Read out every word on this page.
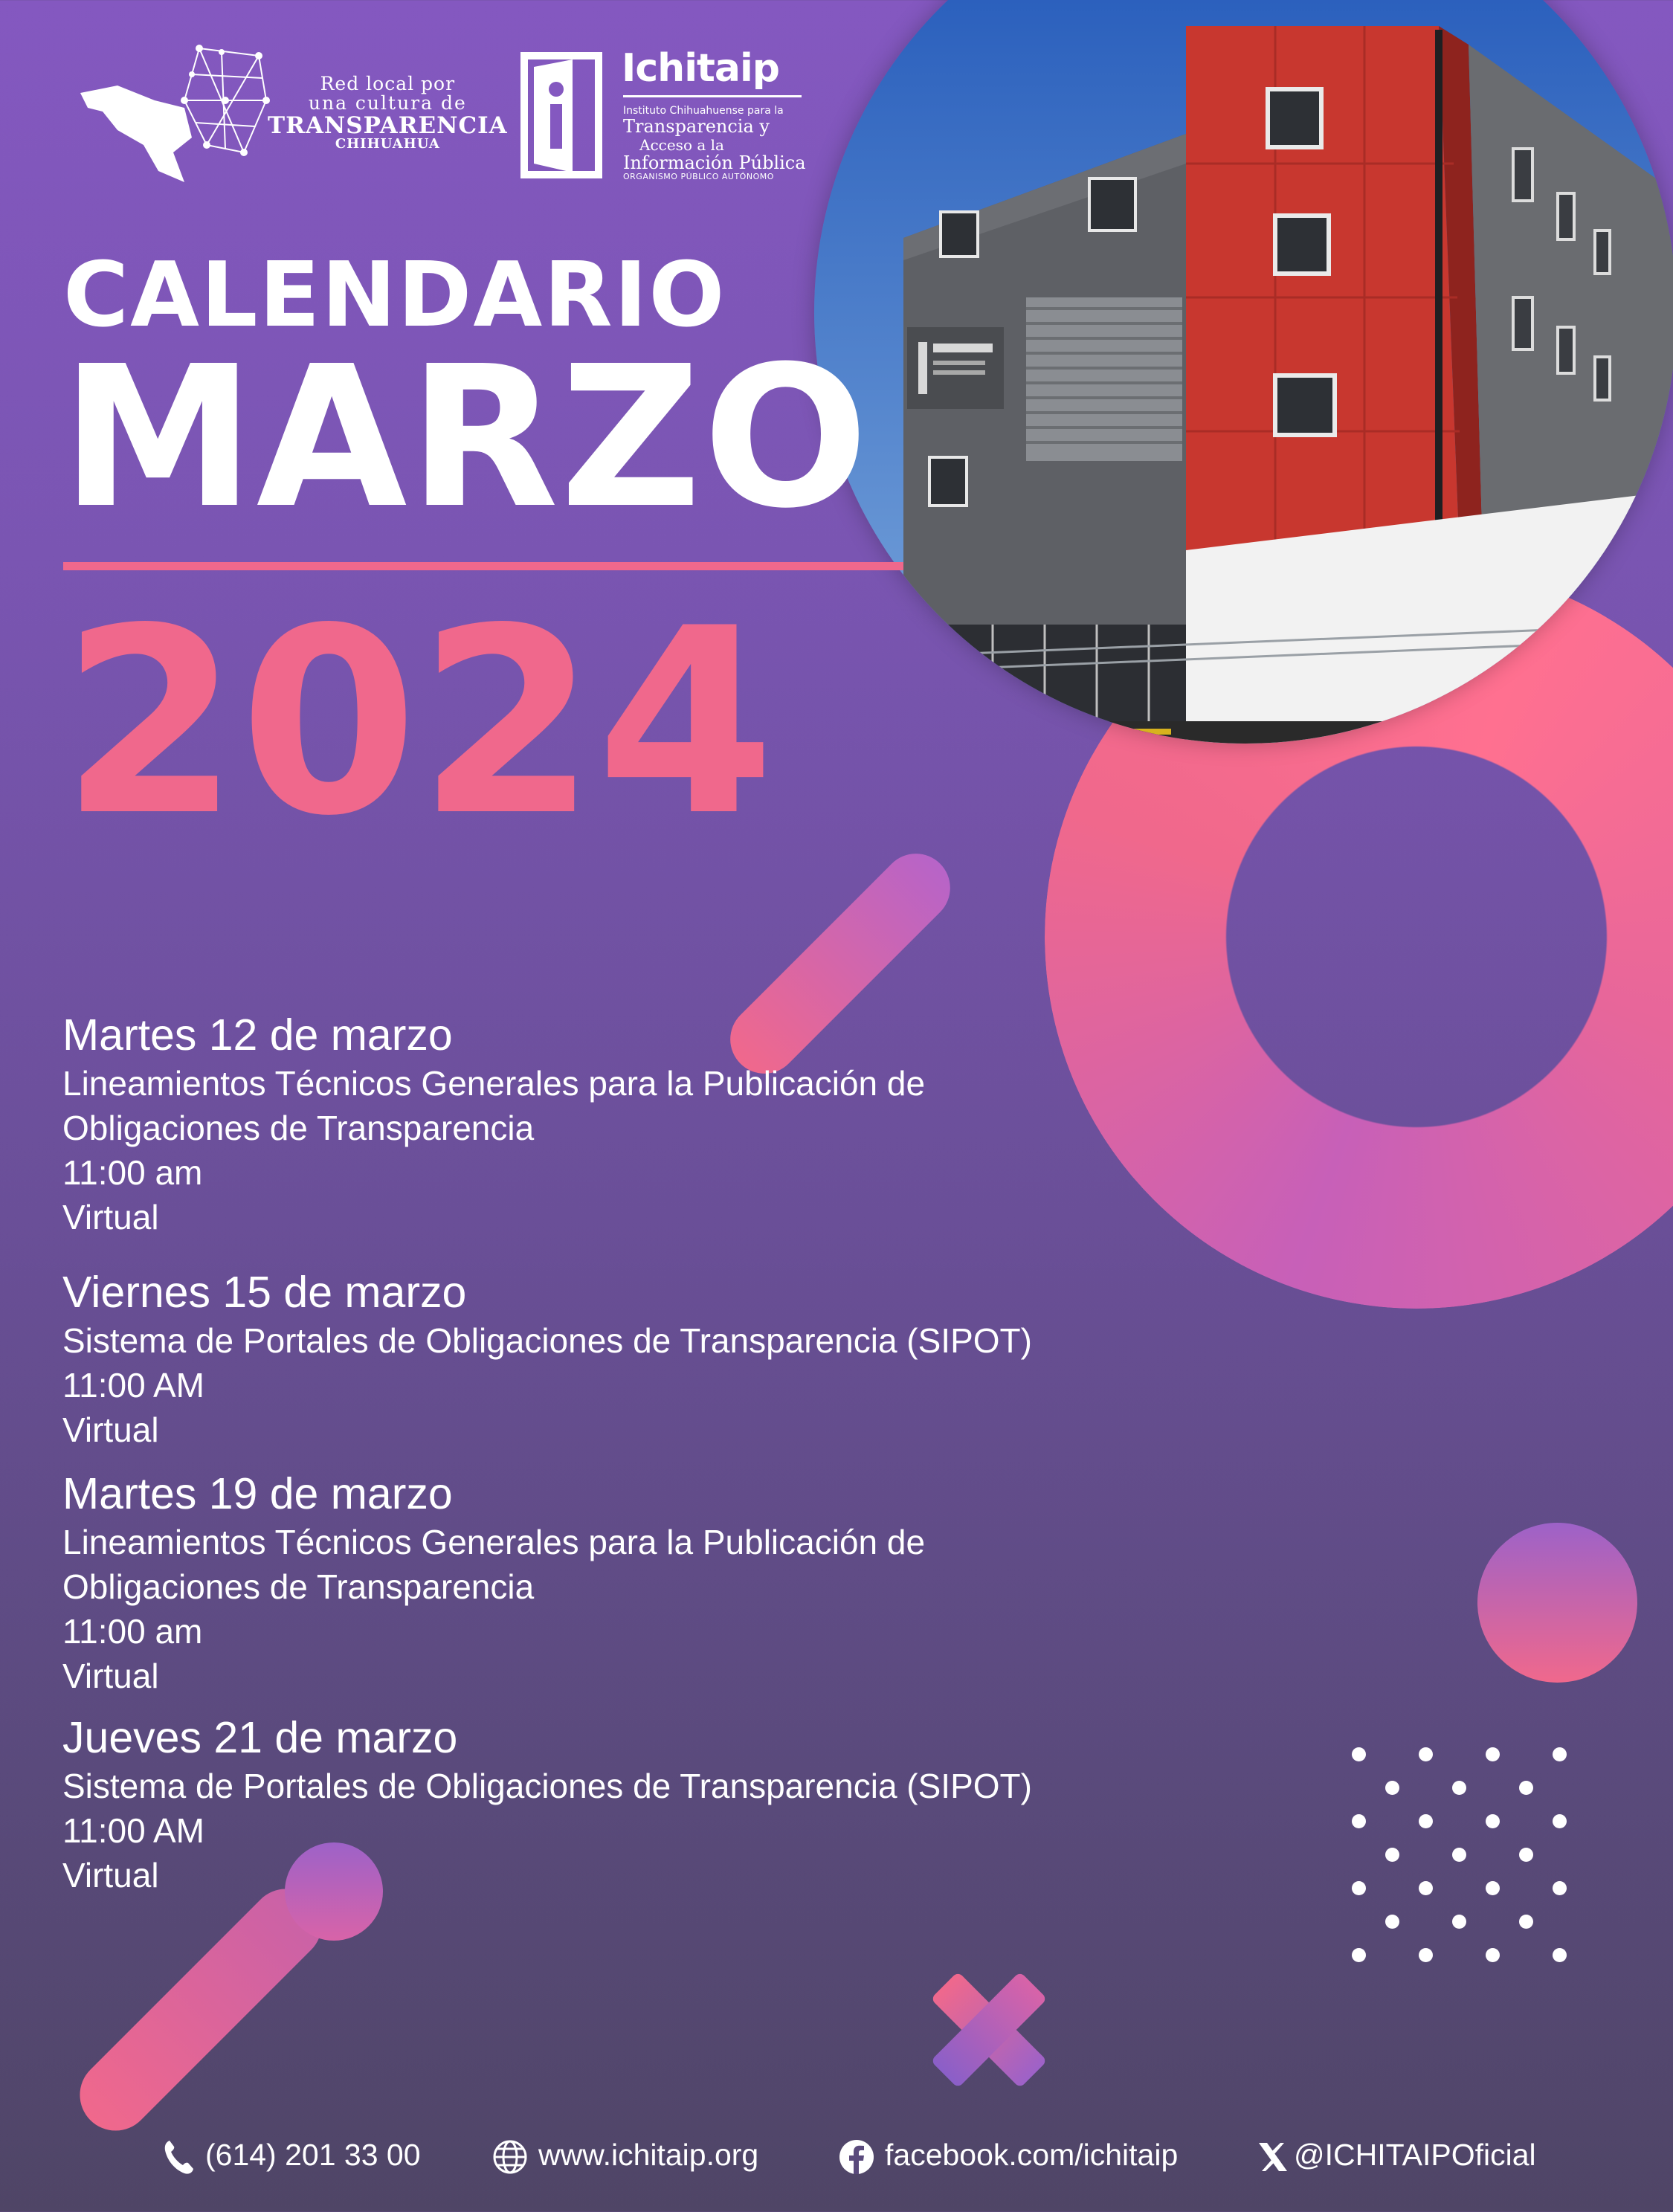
Red local por
una cultura de
TRANSPARENCIA
CHIHUAHUA
Ichitaip
Instituto Chihuahuense para la
Transparencia y
Acceso a la
Información Pública
ORGANISMO PÚBLICO AUTÓNOMO
CALENDARIO
MARZO
2024
Martes 12 de marzo
Lineamientos Técnicos Generales para la Publicación de
Obligaciones de Transparencia
11:00 am
Virtual
Viernes 15 de marzo
Sistema de Portales de Obligaciones de Transparencia (SIPOT)
11:00 AM
Virtual
Martes 19 de marzo
Lineamientos Técnicos Generales para la Publicación de
Obligaciones de Transparencia
11:00 am
Virtual
Jueves 21 de marzo
Sistema de Portales de Obligaciones de Transparencia (SIPOT)
11:00 AM
Virtual
(614) 201 33 00	www.ichitaip.org	facebook.com/ichitaip	@ICHITAIPOficial
